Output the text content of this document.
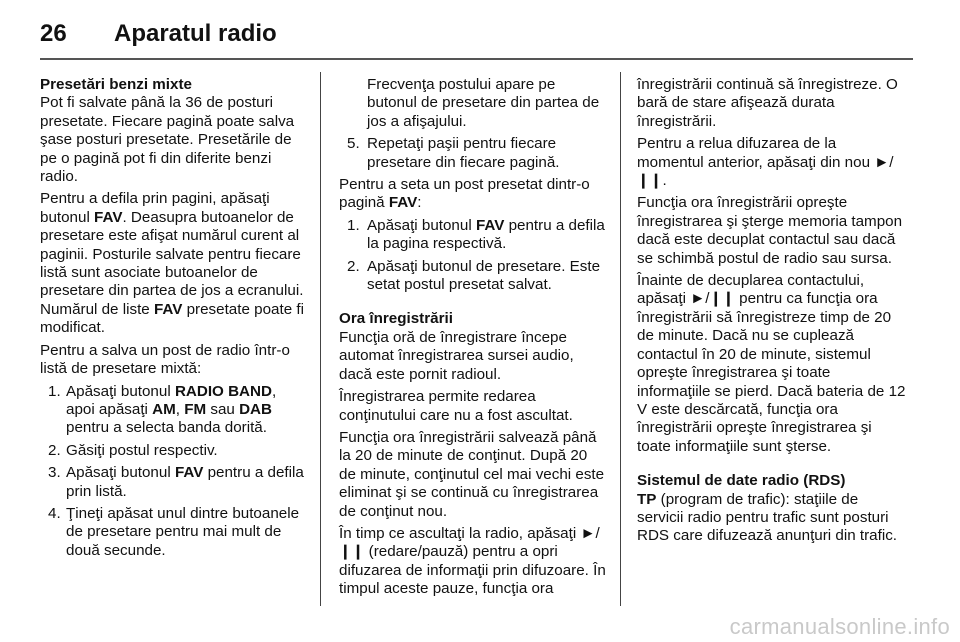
26	Aparatul radio

Presetări benzi mixte

Pot fi salvate până la 36 de posturi presetate. Fiecare pagină poate salva şase posturi presetate. Presetările de pe o pagină pot fi din diferite benzi radio.

Pentru a defila prin pagini, apăsaţi butonul FAV. Deasupra butoanelor de presetare este afişat numărul curent al paginii. Posturile salvate pentru fiecare listă sunt asociate butoanelor de presetare din partea de jos a ecranului. Numărul de liste FAV presetate poate fi modificat.

Pentru a salva un post de radio într-o listă de presetare mixtă:

1. Apăsaţi butonul RADIO BAND, apoi apăsaţi AM, FM sau DAB pentru a selecta banda dorită.

2. Găsiţi postul respectiv.

3. Apăsaţi butonul FAV pentru a defila prin listă.

4. Ţineţi apăsat unul dintre butoanele de presetare pentru mai mult de două secunde.

Frecvenţa postului apare pe butonul de presetare din partea de jos a afişajului.

5. Repetaţi paşii pentru fiecare presetare din fiecare pagină.

Pentru a seta un post presetat dintr-o pagină FAV:

1. Apăsaţi butonul FAV pentru a defila la pagina respectivă.

2. Apăsaţi butonul de presetare. Este setat postul presetat salvat.

Ora înregistrării

Funcţia oră de înregistrare începe automat înregistrarea sursei audio, dacă este pornit radioul.

Înregistrarea permite redarea conţinutului care nu a fost ascultat.

Funcţia ora înregistrării salvează până la 20 de minute de conţinut. După 20 de minute, conţinutul cel mai vechi este eliminat şi se continuă cu înregistrarea de conţinut nou.

În timp ce ascultaţi la radio, apăsaţi ►/❙❙ (redare/pauză) pentru a opri difuzarea de informaţii prin difuzoare. În timpul aceste pauze, funcţia ora

înregistrării continuă să înregistreze. O bară de stare afişează durata înregistrării.

Pentru a relua difuzarea de la momentul anterior, apăsaţi din nou ►/❙❙.

Funcţia ora înregistrării opreşte înregistrarea şi şterge memoria tampon dacă este decuplat contactul sau dacă se schimbă postul de radio sau sursa.

Înainte de decuplarea contactului, apăsaţi ►/❙❙ pentru ca funcţia ora înregistrării să înregistreze timp de 20 de minute. Dacă nu se cuplează contactul în 20 de minute, sistemul opreşte înregistrarea şi toate informaţiile se pierd. Dacă bateria de 12 V este descărcată, funcţia ora înregistrării opreşte înregistrarea şi toate informaţiile sunt şterse.

Sistemul de date radio (RDS)

TP (program de trafic): staţiile de servicii radio pentru trafic sunt posturi RDS care difuzează anunţuri din trafic.

carmanualsonline.info
